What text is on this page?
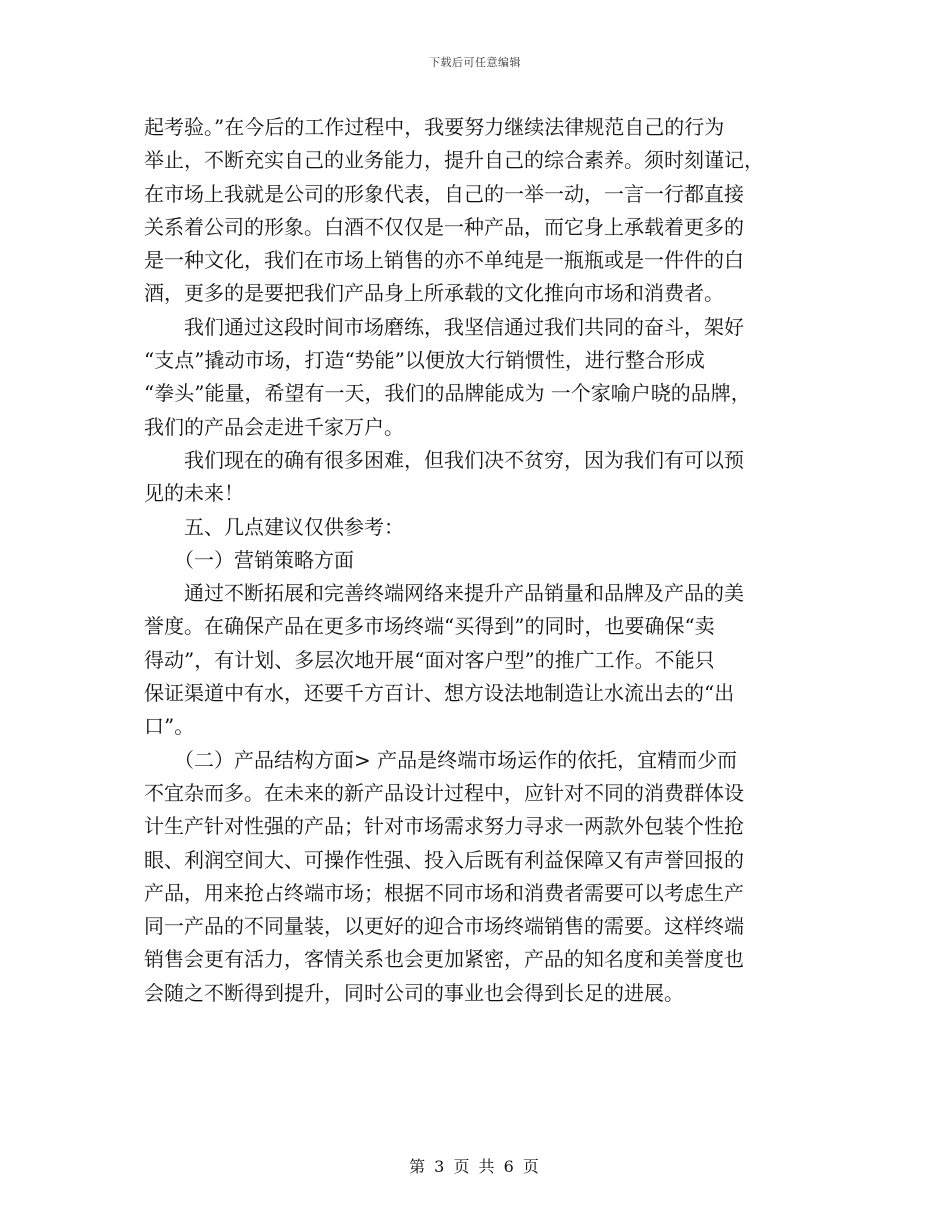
下载后可任意编辑
起考验。”在今后的工作过程中，我要努力继续法律规范自己的行为
举止，不断充实自己的业务能力，提升自己的综合素养。须时刻谨记，
在市场上我就是公司的形象代表，自己的一举一动，一言一行都直接
关系着公司的形象。白酒不仅仅是一种产品，而它身上承载着更多的
是一种文化，我们在市场上销售的亦不单纯是一瓶瓶或是一件件的白
酒，更多的是要把我们产品身上所承载的文化推向市场和消费者。
　　我们通过这段时间市场磨练，我坚信通过我们共同的奋斗，架好
“支点”撬动市场，打造“势能”以便放大行销惯性，进行整合形成
“拳头”能量，希望有一天，我们的品牌能成为 一个家喻户晓的品牌，
我们的产品会走进千家万户。
　　我们现在的确有很多困难，但我们决不贫穷，因为我们有可以预
见的未来！
　　五、几点建议仅供参考：
　　（一）营销策略方面
　　通过不断拓展和完善终端网络来提升产品销量和品牌及产品的美
誉度。在确保产品在更多市场终端“买得到”的同时，也要确保“卖
得动”，有计划、多层次地开展“面对客户型”的推广工作。不能只
保证渠道中有水，还要千方百计、想方设法地制造让水流出去的“出
口”。
　　（二）产品结构方面> 产品是终端市场运作的依托，宜精而少而
不宜杂而多。在未来的新产品设计过程中，应针对不同的消费群体设
计生产针对性强的产品；针对市场需求努力寻求一两款外包装个性抢
眼、利润空间大、可操作性强、投入后既有利益保障又有声誉回报的
产品，用来抢占终端市场；根据不同市场和消费者需要可以考虑生产
同一产品的不同量装，以更好的迎合市场终端销售的需要。这样终端
销售会更有活力，客情关系也会更加紧密，产品的知名度和美誉度也
会随之不断得到提升，同时公司的事业也会得到长足的进展。
第 3 页 共 6 页
